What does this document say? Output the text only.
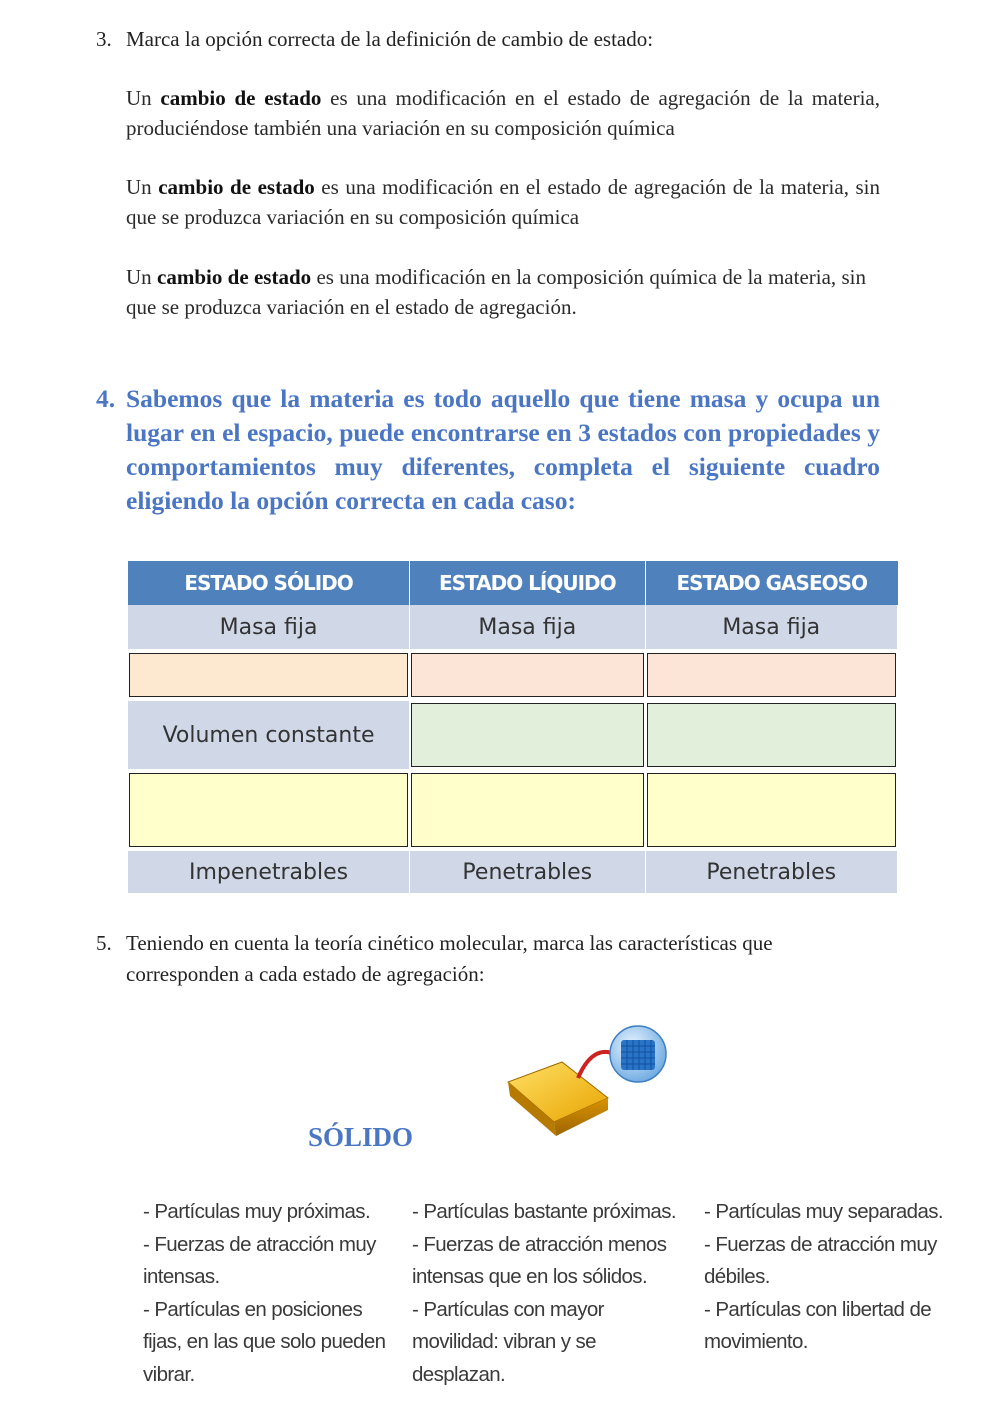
3. Marca la opción correcta de la definición de cambio de estado:
Un cambio de estado es una modificación en el estado de agregación de la materia, produciéndose también una variación en su composición química
Un cambio de estado es una modificación en el estado de agregación de la materia, sin que se produzca variación en su composición química
Un cambio de estado es una modificación en la composición química de la materia, sin que se produzca variación en el estado de agregación.
4. Sabemos que la materia es todo aquello que tiene masa y ocupa un lugar en el espacio, puede encontrarse en 3 estados con propiedades y comportamientos muy diferentes, completa el siguiente cuadro eligiendo la opción correcta en cada caso:
ESTADO SÓLIDO	ESTADO LÍQUIDO	ESTADO GASEOSO
Masa fija	Masa fija	Masa fija

Volumen constante	

Impenetrables	Penetrables	Penetrables
5. Teniendo en cuenta la teoría cinético molecular, marca las características que corresponden a cada estado de agregación:
SÓLIDO
- Partículas muy próximas.
- Fuerzas de atracción muy
intensas.
- Partículas en posiciones
fijas, en las que solo pueden
vibrar.
- Partículas bastante próximas.
- Fuerzas de atracción menos
intensas que en los sólidos.
- Partículas con mayor
movilidad: vibran y se
desplazan.
- Partículas muy separadas.
- Fuerzas de atracción muy
débiles.
- Partículas con libertad de
movimiento.
